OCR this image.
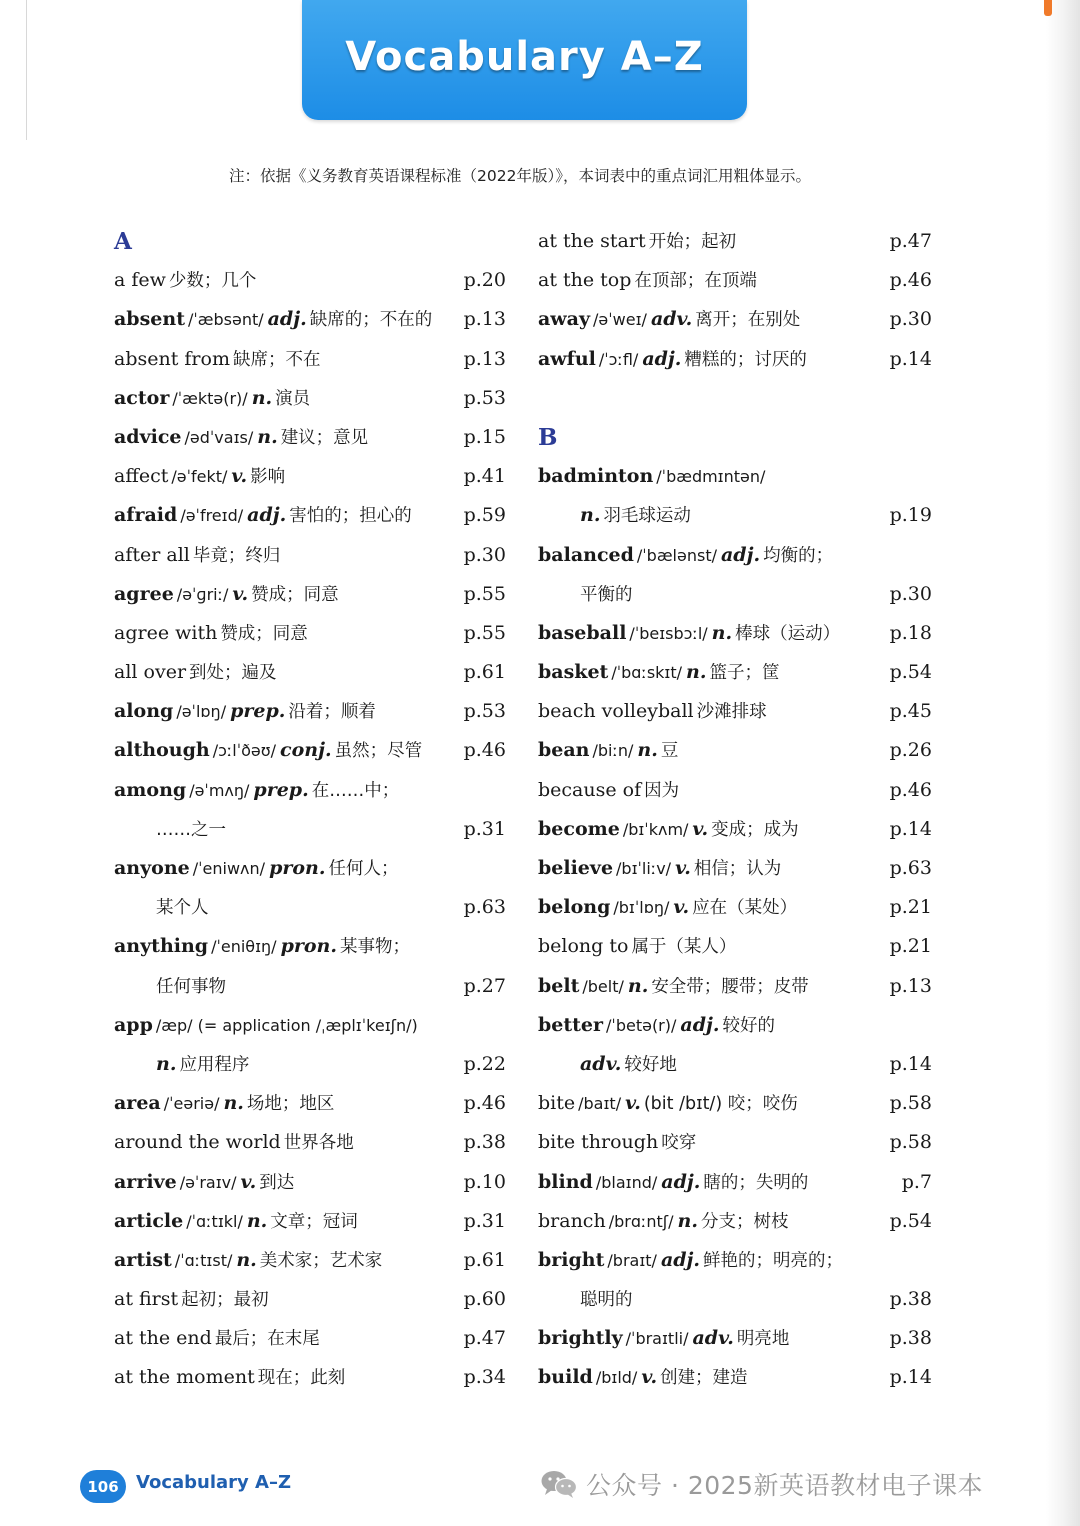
Vocabulary A–Z
注：依据《义务教育英语课程标准（2022年版）》，本词表中的重点词汇用粗体显示。
A
a few 少数；几个	p.20
absent /ˈæbsənt/ adj. 缺席的；不在的 p.13
absent from 缺席；不在	p.13
actor /ˈæktə(r)/ n. 演员	p.53
advice /ədˈvaɪs/ n. 建议；意见	p.15
affect /əˈfekt/ v. 影响	p.41
afraid /əˈfreɪd/ adj. 害怕的；担心的	p.59
after all 毕竟；终归	p.30
agree /əˈɡriː/ v. 赞成；同意	p.55
agree with 赞成；同意	p.55
all over 到处；遍及	p.61
along /əˈlɒŋ/ prep. 沿着；顺着	p.53
although /ɔːlˈðəʊ/ conj. 虽然；尽管 p.46
among /əˈmʌŋ/ prep. 在……中；
……之一	p.31
anyone /ˈeniwʌn/ pron. 任何人；
某个人	p.63
anything /ˈeniθɪŋ/ pron. 某事物；
任何事物	p.27
app /æp/ (= application /ˌæplɪˈkeɪʃn/)
n. 应用程序	p.22
area /ˈeəriə/ n. 场地；地区	p.46
around the world 世界各地	p.38
arrive /əˈraɪv/ v. 到达	p.10
article /ˈɑːtɪkl/ n. 文章；冠词	p.31
artist /ˈɑːtɪst/ n. 美术家；艺术家	p.61
at first 起初；最初	p.60
at the end 最后；在末尾	p.47
at the moment 现在；此刻	p.34
at the start 开始；起初	p.47
at the top 在顶部；在顶端	p.46
away /əˈweɪ/ adv. 离开；在别处	p.30
awful /ˈɔːfl/ adj. 糟糕的；讨厌的	p.14
B
badminton /ˈbædmɪntən/
n. 羽毛球运动	p.19
balanced /ˈbælənst/ adj. 均衡的；
平衡的	p.30
baseball /ˈbeɪsbɔːl/ n. 棒球（运动）	p.18
basket /ˈbɑːskɪt/ n. 篮子；筐	p.54
beach volleyball 沙滩排球	p.45
bean /biːn/ n. 豆	p.26
because of 因为	p.46
become /bɪˈkʌm/ v. 变成；成为	p.14
believe /bɪˈliːv/ v. 相信；认为	p.63
belong /bɪˈlɒŋ/ v. 应在（某处）	p.21
belong to 属于（某人）	p.21
belt /belt/ n. 安全带；腰带；皮带	p.13
better /ˈbetə(r)/ adj. 较好的
adv. 较好地	p.14
bite /baɪt/ v. (bit /bɪt/) 咬；咬伤	p.58
bite through 咬穿	p.58
blind /blaɪnd/ adj. 瞎的；失明的	p.7
branch /brɑːntʃ/ n. 分支；树枝	p.54
bright /braɪt/ adj. 鲜艳的；明亮的；
聪明的	p.38
brightly /ˈbraɪtli/ adv. 明亮地	p.38
build /bɪld/ v. 创建；建造	p.14
106 Vocabulary A–Z	公众号 · 2025新英语教材电子课本
